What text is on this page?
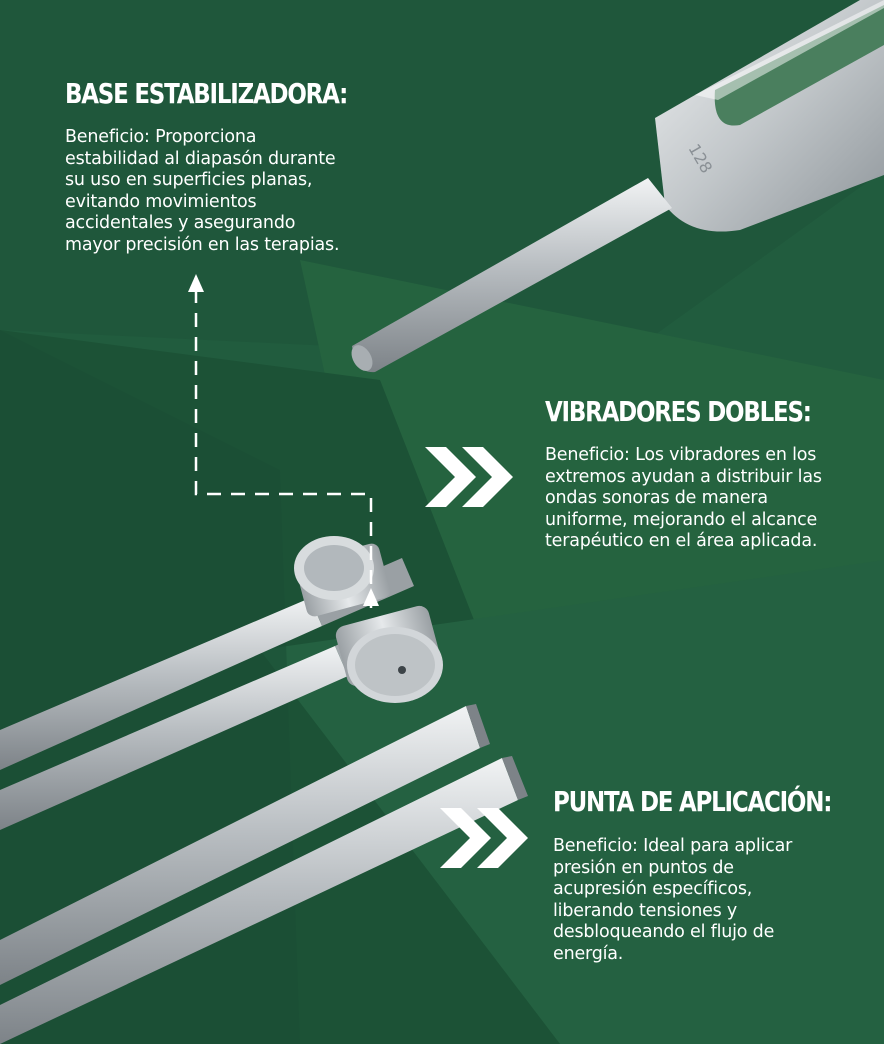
128
BASE ESTABILIZADORA:

Beneficio: Proporciona
estabilidad al diapasón durante
su uso en superficies planas,
evitando movimientos
accidentales y asegurando
mayor precisión en las terapias.

VIBRADORES DOBLES:

Beneficio: Los vibradores en los
extremos ayudan a distribuir las
ondas sonoras de manera
uniforme, mejorando el alcance
terapéutico en el área aplicada.

PUNTA DE APLICACIÓN:

Beneficio: Ideal para aplicar
presión en puntos de
acupresión específicos,
liberando tensiones y
desbloqueando el flujo de
energía.
